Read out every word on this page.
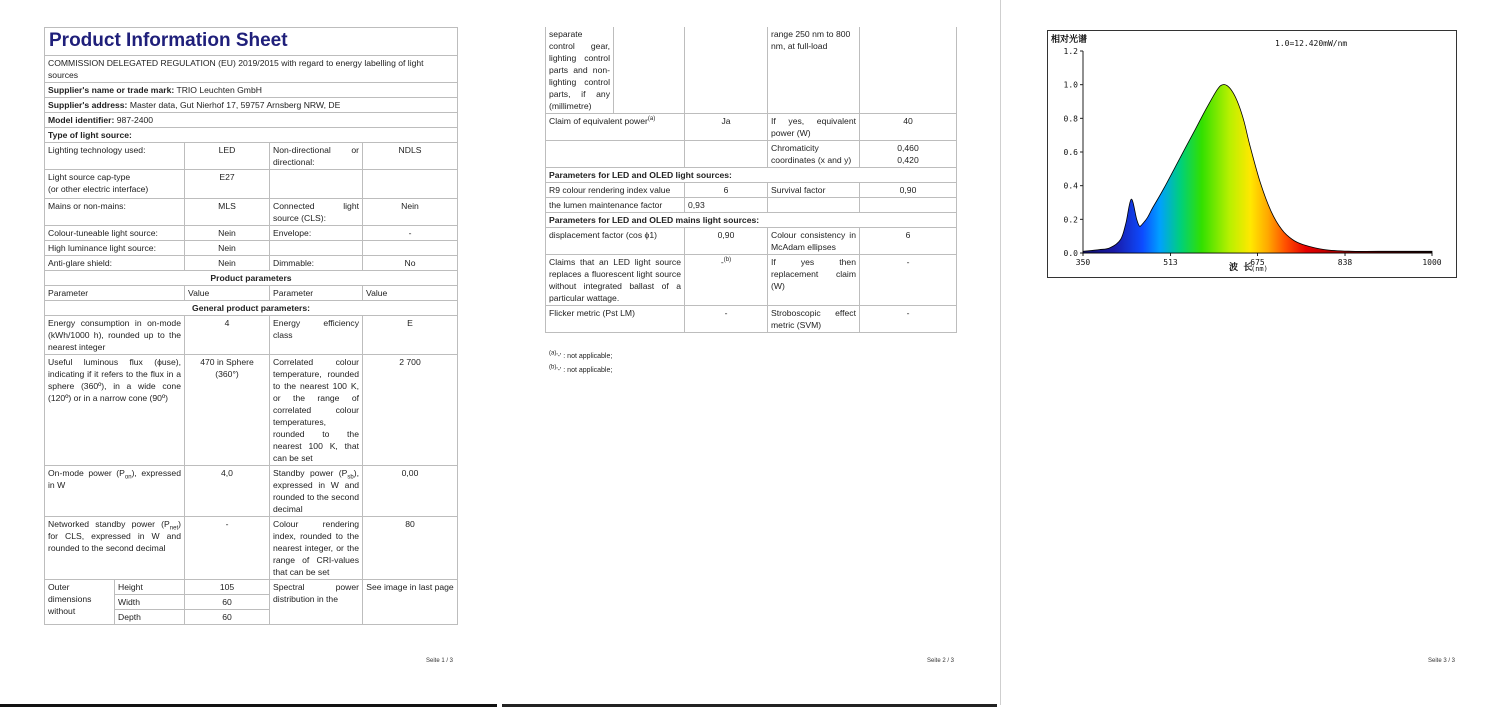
Product Information Sheet				
COMMISSION DELEGATED REGULATION (EU) 2019/2015 with regard to energy labelling of light sources				
Supplier's name or trade mark: TRIO Leuchten GmbH				
Supplier's address: Master data, Gut Nierhof 17, 59757 Arnsberg NRW, DE				
Model identifier: 987-2400				
Type of light source:				
Lighting technology used:		LED	Non-directional or directional:	NDLS

Light source cap-type
(or other electric interface)		E27		
Mains or non-mains:		MLS	Connected light source (CLS):	Nein
Colour-tuneable light source:		Nein	Envelope:	-
High luminance light source:		Nein		
Anti-glare shield:		Nein	Dimmable:	No
Product parameters				
Parameter		Value	Parameter	Value
General product parameters:				
Energy consumption in on-mode (kWh/1000 h), rounded up to the nearest integer		4	Energy efficiency class	E
Useful luminous flux (ϕuse), indicating if it refers to the flux in a sphere (360º), in a wide cone (120º) or in a narrow cone (90º)		470 in Sphere (360°)	Correlated colour temperature, rounded to the nearest 100 K, or the range of correlated colour temperatures, rounded to the nearest 100 K, that can be set	2 700
On-mode power $(P_{on})$, expressed in W		4,0	Standby power $(P_{sb})$, expressed in W and rounded to the second decimal	0,00
Networked standby power $(P_{net})$ for CLS, expressed in W and rounded to the second decimal		-	Colour rendering index, rounded to the nearest integer, or the range of CRI-values that can be set	80
Outer dimensions without	Height	105	Spectral power distribution in the	See image in last page
	Width	60		
	Depth	60		
Seite 1 / 3
separate control gear, lighting control parts and non-lighting control parts, if any (millimetre)			range 250 nm to 800 nm, at full-load	
Claim of equivalent power$^{(a)}$		Ja	If yes, equivalent power (W)	40
			Chromaticity coordinates (x and y)	0,460
0,420

Parameters for LED and OLED light sources:				
R9 colour rendering index value		6	Survival factor	0,90
the lumen maintenance factor		0,93		
Parameters for LED and OLED mains light sources:				
displacement factor (cos ϕ1)		0,90	Colour consistency in McAdam ellipses	6
Claims that an LED light source replaces a fluorescent light source without integrated ballast of a particular wattage.		-$^{(b)}$	If yes then replacement claim (W)	-
Flicker metric (Pst LM)		-	Stroboscopic effect metric (SVM)	-
$^{(a)}$'-' : not applicable;
$^{(b)}$'-' : not applicable;
Seite 2 / 3
相对光谱	1.0=12.420mW/nm
0.0
0.2
0.4
0.6
0.8
1.0
1.2
350	513	675	838	1000
波 长
(nm)
Seite 3 / 3
